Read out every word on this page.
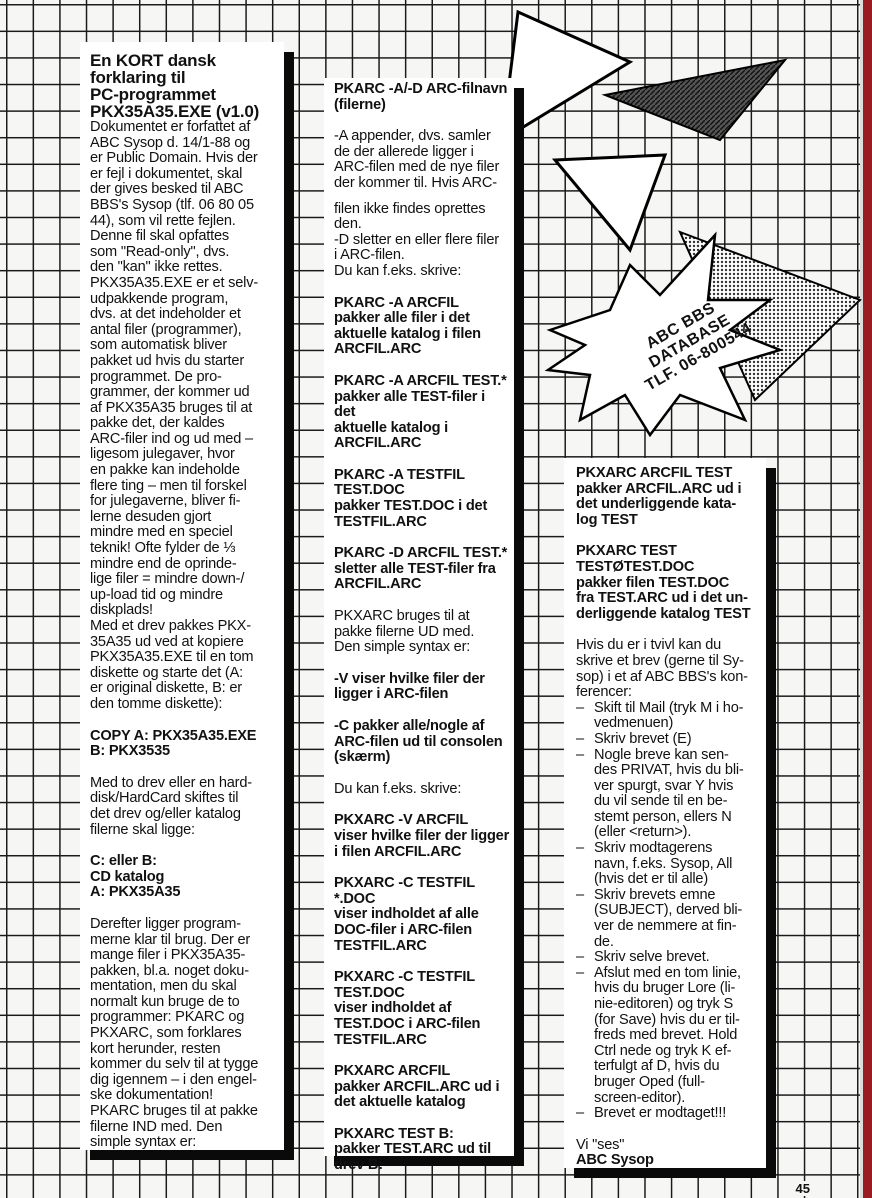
ABC BBS
DATABASE
TLF. 06-800544

En KORT dansk
forklaring til
PC-programmet
PKX35A35.EXE (v1.0)

Dokumentet er forfattet af
ABC Sysop d. 14/1-88 og
er Public Domain. Hvis der
er fejl i dokumentet, skal
der gives besked til ABC
BBS's Sysop (tlf. 06 80 05
44), som vil rette fejlen.
Denne fil skal opfattes
som "Read-only", dvs.
den "kan" ikke rettes.
PKX35A35.EXE er et selv-
udpakkende program,
dvs. at det indeholder et
antal filer (programmer),
som automatisk bliver
pakket ud hvis du starter
programmet. De pro-
grammer, der kommer ud
af PKX35A35 bruges til at
pakke det, der kaldes
ARC-filer ind og ud med –
ligesom julegaver, hvor
en pakke kan indeholde
flere ting – men til forskel
for julegaverne, bliver fi-
lerne desuden gjort
mindre med en speciel
teknik! Ofte fylder de ⅓
mindre end de oprinde-
lige filer = mindre down-/
up-load tid og mindre
diskplads!
Med et drev pakkes PKX-
35A35 ud ved at kopiere
PKX35A35.EXE til en tom
diskette og starte det (A:
er original diskette, B: er
den tomme diskette):

COPY A: PKX35A35.EXE
B: PKX3535

Med to drev eller en hard-
disk/HardCard skiftes til
det drev og/eller katalog
filerne skal ligge:

C: eller B:
CD katalog
A: PKX35A35

Derefter ligger program-
merne klar til brug. Der er
mange filer i PKX35A35-
pakken, bl.a. noget doku-
mentation, men du skal
normalt kun bruge de to
programmer: PKARC og
PKXARC, som forklares
kort herunder, resten
kommer du selv til at tygge
dig igennem – i den engel-
ske dokumentation!
PKARC bruges til at pakke
filerne IND med. Den
simple syntax er:

PKARC -A/-D ARC-filnavn
(filerne)

-A appender, dvs. samler
de der allerede ligger i
ARC-filen med de nye filer
der kommer til. Hvis ARC-

filen ikke findes oprettes
den.
-D sletter en eller flere filer
i ARC-filen.
Du kan f.eks. skrive:

PKARC -A ARCFIL
pakker alle filer i det
aktuelle katalog i filen
ARCFIL.ARC

PKARC -A ARCFIL TEST.*
pakker alle TEST-filer i det
aktuelle katalog i
ARCFIL.ARC

PKARC -A TESTFIL
TEST.DOC
pakker TEST.DOC i det
TESTFIL.ARC

PKARC -D ARCFIL TEST.*
sletter alle TEST-filer fra
ARCFIL.ARC

PKXARC bruges til at
pakke filerne UD med.
Den simple syntax er:

-V viser hvilke filer der
ligger i ARC-filen

-C pakker alle/nogle af
ARC-filen ud til consolen
(skærm)

Du kan f.eks. skrive:

PKXARC -V ARCFIL
viser hvilke filer der ligger
i filen ARCFIL.ARC

PKXARC -C TESTFIL
*.DOC
viser indholdet af alle
DOC-filer i ARC-filen
TESTFIL.ARC

PKXARC -C TESTFIL
TEST.DOC
viser indholdet af
TEST.DOC i ARC-filen
TESTFIL.ARC

PKXARC ARCFIL
pakker ARCFIL.ARC ud i
det aktuelle katalog

PKXARC TEST B:
pakker TEST.ARC ud til
drev B:

PKXARC ARCFIL TEST
pakker ARCFIL.ARC ud i
det underliggende kata-
log TEST

PKXARC TEST
TESTØTEST.DOC
pakker filen TEST.DOC
fra TEST.ARC ud i det un-
derliggende katalog TEST

Hvis du er i tvivl kan du
skrive et brev (gerne til Sy-
sop) i et af ABC BBS's kon-
ferencer:

– Skift til Mail (tryk M i ho-
vedmenuen)
– Skriv brevet (E)
– Nogle breve kan sen-
des PRIVAT, hvis du bli-
ver spurgt, svar Y hvis
du vil sende til en be-
stemt person, ellers N
(eller <return>).
– Skriv modtagerens
navn, f.eks. Sysop, All
(hvis det er til alle)
– Skriv brevets emne
(SUBJECT), derved bli-
ver de nemmere at fin-
de.
– Skriv selve brevet.
– Afslut med en tom linie,
hvis du bruger Lore (li-
nie-editoren) og tryk S
(for Save) hvis du er til-
freds med brevet. Hold
Ctrl nede og tryk K ef-
terfulgt af D, hvis du
bruger Oped (full-
screen-editor).
– Brevet er modtaget!!!

Vi "ses"

ABC Sysop

45
